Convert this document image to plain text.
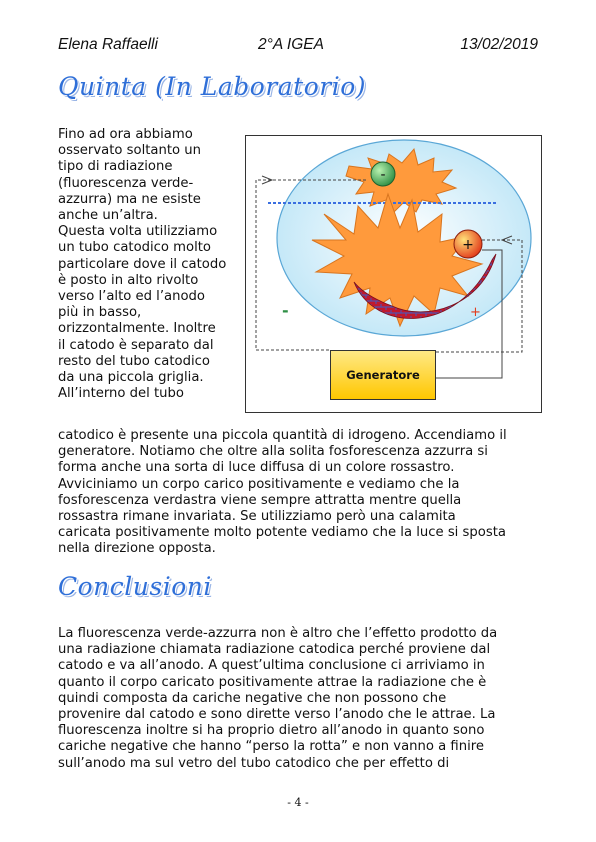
Elena Raffaelli	2°A IGEA	13/02/2019
Quinta (In Laboratorio)
Fino ad ora abbiamo
osservato soltanto un
tipo di radiazione
(fluorescenza verde-
azzurra) ma ne esiste
anche un’altra.
Questa volta utilizziamo
un tubo catodico molto
particolare dove il catodo
è posto in alto rivolto
verso l’alto ed l’anodo
più in basso,
orizzontalmente. Inoltre
il catodo è separato dal
resto del tubo catodico
da una piccola griglia.
All’interno del tubo
-
+
-	+
Generatore
catodico è presente una piccola quantità di idrogeno. Accendiamo il
generatore. Notiamo che oltre alla solita fosforescenza azzurra si
forma anche una sorta di luce diffusa di un colore rossastro.
Avviciniamo un corpo carico positivamente e vediamo che la
fosforescenza verdastra viene sempre attratta mentre quella
rossastra rimane invariata. Se utilizziamo però una calamita
caricata positivamente molto potente vediamo che la luce si sposta
nella direzione opposta.
Conclusioni
La fluorescenza verde-azzurra non è altro che l’effetto prodotto da
una radiazione chiamata radiazione catodica perché proviene dal
catodo e va all’anodo. A quest’ultima conclusione ci arriviamo in
quanto il corpo caricato positivamente attrae la radiazione che è
quindi composta da cariche negative che non possono che
provenire dal catodo e sono dirette verso l’anodo che le attrae. La
fluorescenza inoltre si ha proprio dietro all’anodo in quanto sono
cariche negative che hanno “perso la rotta” e non vanno a finire
sull’anodo ma sul vetro del tubo catodico che per effetto di
- 4 -
